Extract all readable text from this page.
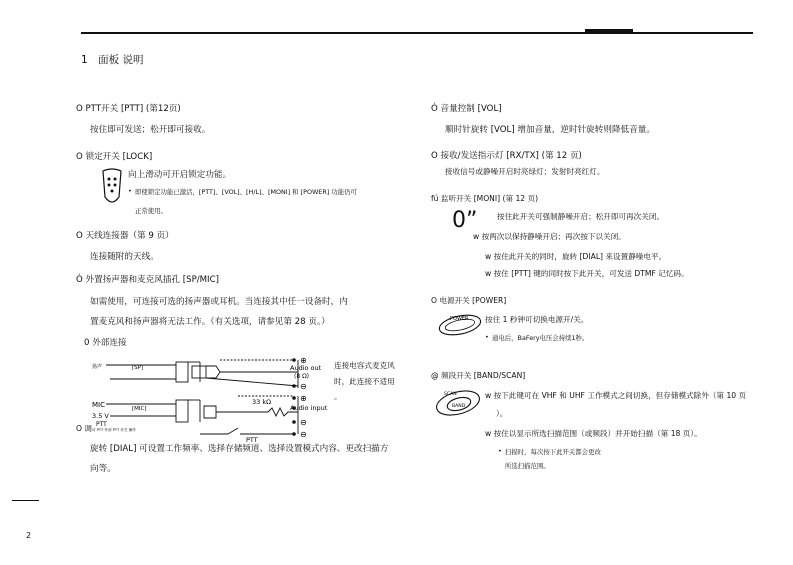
1　面板 说明
O PTT开关 [PTT] (第12页)
按住即可发送；松开即可接收。
O 锁定开关 [LOCK]
向上滑动可开启锁定功能。
• 即使锁定功能已激活，[PTT]、[VOL]、[H/L]、[MONI] 和 [POWER] 功能仍可
正常使用。
O 天线连接器（第 9 页）
连接随附的天线。
Ó 外置扬声器和麦克风插孔 [SP/MIC]
如需使用，可连接可选的扬声器或耳机。当连接其中任一设备时，内
置麦克风和扬声器将无法工作。（有关选项，请参见第 28 页。）
0 外部连接
⊕
⊖
⊕
⊖
⊖
扬声	[SP]
MIC	[MIC]
3.5 V
PTT
可 PTT 外部 PTT 开关 操作
Audio out
(8 Ω)
33 kΩ
Audio input
PTT
连接电容式麦克风
时，此连接不适用
。
O 调
旋转 [DIAL] 可设置工作频率、选择存储频道、选择设置模式内容、更改扫描方
向等。
Ó 音量控制 [VOL]
顺时针旋转 [VOL] 增加音量，逆时针旋转则降低音量。
O 接收/发送指示灯 [RX/TX] (第 12 页)
接收信号或静噪开启时亮绿灯；发射时亮红灯。
fú 监听开关 [MONI] (第 12 页)
0”	按住此开关可强制静噪开启；松开即可再次关闭。
w 按两次以保持静噪开启；再次按下以关闭。
w 按住此开关的同时，旋转 [DIAL] 来设置静噪电平。
w 按住 [PTT] 键的同时按下此开关，可发送 DTMF 记忆码。
O 电源开关 [POWER]
POWER 按住 1 秒钟可切换电源开/关。
• 通电后，BaFery电压会持续1秒。
@ 频段开关 [BAND/SCAN]
SCAN
BAND
w 按下此键可在 VHF 和 UHF 工作模式之间切换，但存储模式除外（第 10 页
）。
w 按住以显示所选扫描范围（或频段）并开始扫描（第 18 页）。
• 扫描时，每次按下此开关都会更改
所选扫描范围。
2
